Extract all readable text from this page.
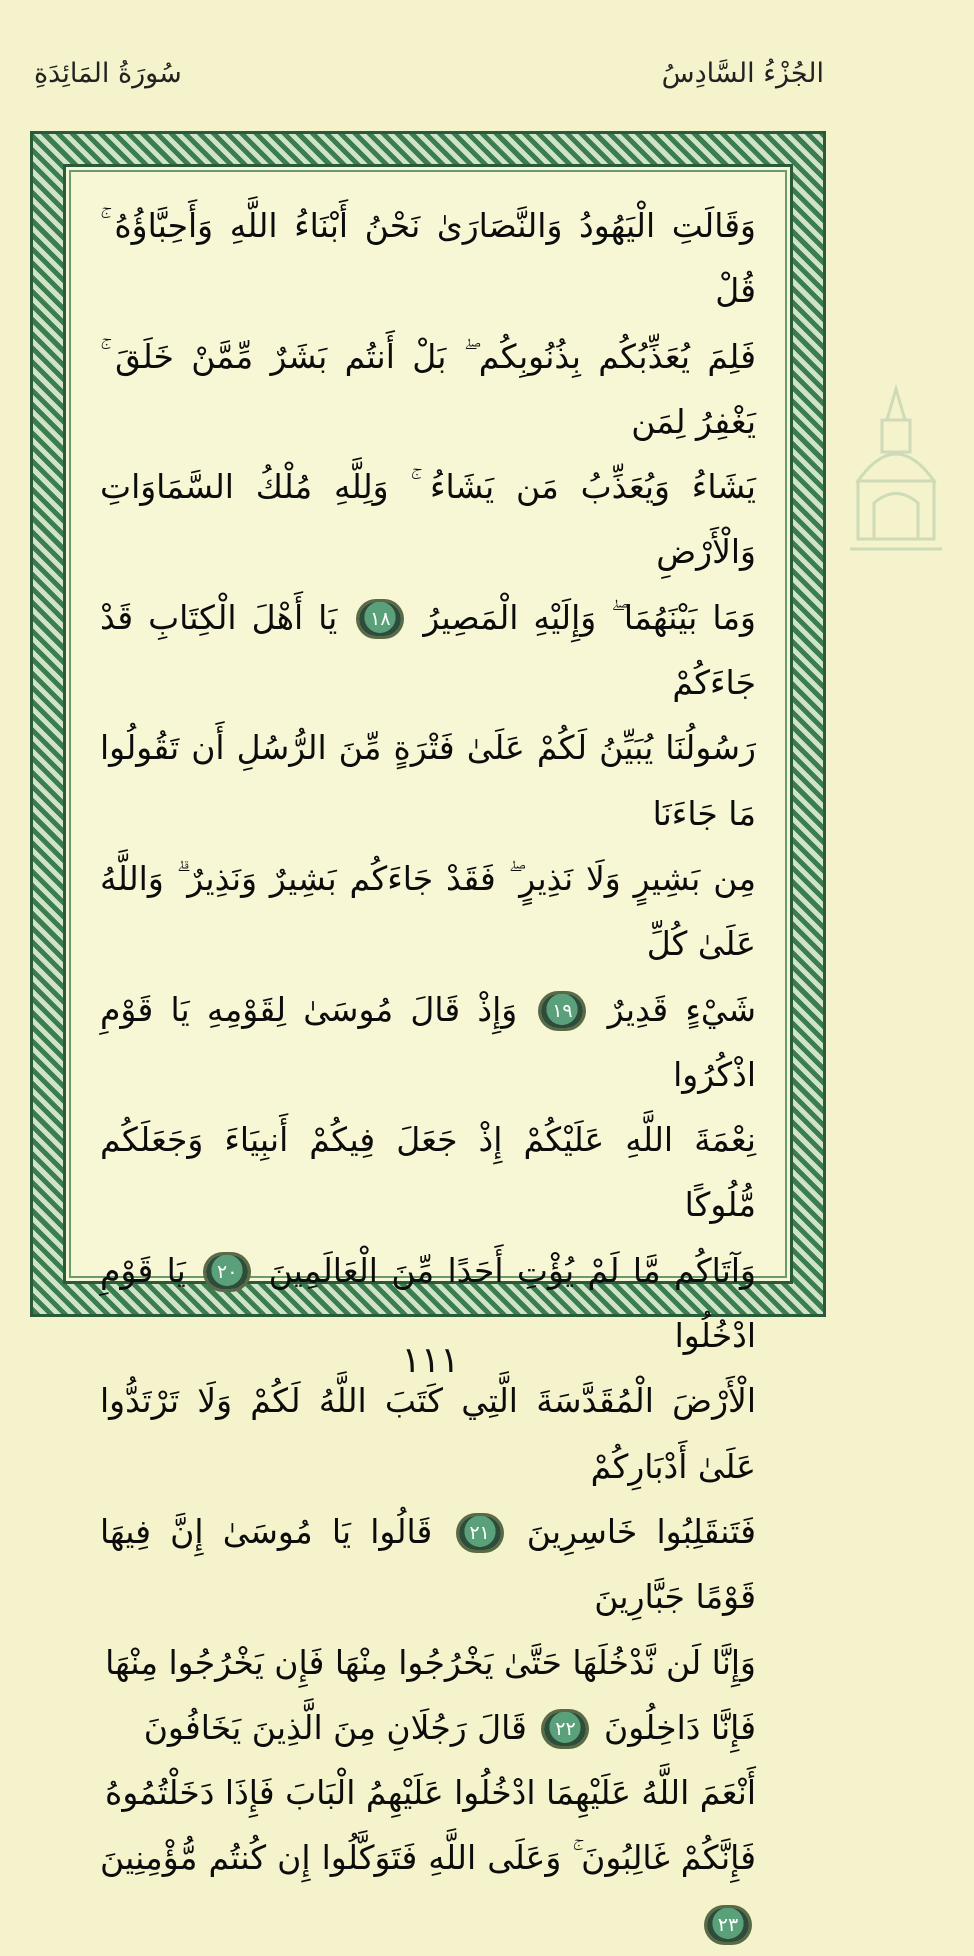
سُورَةُ المَائِدَةِ	الجُزْءُ السَّادِسُ
وَقَالَتِ الْيَهُودُ وَالنَّصَارَىٰ نَحْنُ أَبْنَاءُ اللَّهِ وَأَحِبَّاؤُهُ ۚ قُلْ
فَلِمَ يُعَذِّبُكُم بِذُنُوبِكُم ۖ بَلْ أَنتُم بَشَرٌ مِّمَّنْ خَلَقَ ۚ يَغْفِرُ لِمَن
يَشَاءُ وَيُعَذِّبُ مَن يَشَاءُ ۚ وَلِلَّهِ مُلْكُ السَّمَاوَاتِ وَالْأَرْضِ
وَمَا بَيْنَهُمَا ۖ وَإِلَيْهِ الْمَصِيرُ ١٨ يَا أَهْلَ الْكِتَابِ قَدْ جَاءَكُمْ
رَسُولُنَا يُبَيِّنُ لَكُمْ عَلَىٰ فَتْرَةٍ مِّنَ الرُّسُلِ أَن تَقُولُوا مَا جَاءَنَا
مِن بَشِيرٍ وَلَا نَذِيرٍ ۖ فَقَدْ جَاءَكُم بَشِيرٌ وَنَذِيرٌ ۗ وَاللَّهُ عَلَىٰ كُلِّ
شَيْءٍ قَدِيرٌ ١٩ وَإِذْ قَالَ مُوسَىٰ لِقَوْمِهِ يَا قَوْمِ اذْكُرُوا
نِعْمَةَ اللَّهِ عَلَيْكُمْ إِذْ جَعَلَ فِيكُمْ أَنبِيَاءَ وَجَعَلَكُم مُّلُوكًا
وَآتَاكُم مَّا لَمْ يُؤْتِ أَحَدًا مِّنَ الْعَالَمِينَ ٢٠ يَا قَوْمِ ادْخُلُوا
الْأَرْضَ الْمُقَدَّسَةَ الَّتِي كَتَبَ اللَّهُ لَكُمْ وَلَا تَرْتَدُّوا عَلَىٰ أَدْبَارِكُمْ
فَتَنقَلِبُوا خَاسِرِينَ ٢١ قَالُوا يَا مُوسَىٰ إِنَّ فِيهَا قَوْمًا جَبَّارِينَ
وَإِنَّا لَن نَّدْخُلَهَا حَتَّىٰ يَخْرُجُوا مِنْهَا فَإِن يَخْرُجُوا مِنْهَا
فَإِنَّا دَاخِلُونَ ٢٢ قَالَ رَجُلَانِ مِنَ الَّذِينَ يَخَافُونَ
أَنْعَمَ اللَّهُ عَلَيْهِمَا ادْخُلُوا عَلَيْهِمُ الْبَابَ فَإِذَا دَخَلْتُمُوهُ
فَإِنَّكُمْ غَالِبُونَ ۚ وَعَلَى اللَّهِ فَتَوَكَّلُوا إِن كُنتُم مُّؤْمِنِينَ ٢٣
١١١
